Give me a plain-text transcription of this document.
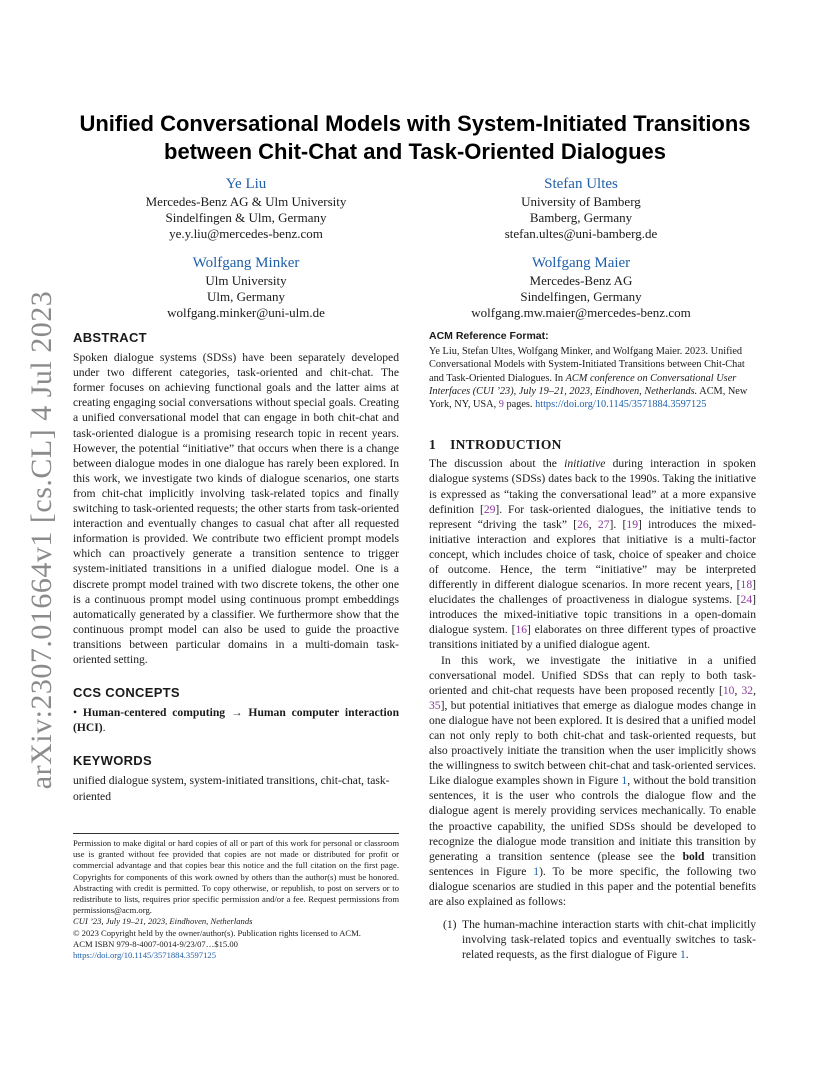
arXiv:2307.01664v1 [cs.CL] 4 Jul 2023
Unified Conversational Models with System-Initiated Transitions
between Chit-Chat and Task-Oriented Dialogues
Ye Liu
Mercedes-Benz AG & Ulm University
Sindelfingen & Ulm, Germany
ye.y.liu@mercedes-benz.com
Stefan Ultes
University of Bamberg
Bamberg, Germany
stefan.ultes@uni-bamberg.de
Wolfgang Minker
Ulm University
Ulm, Germany
wolfgang.minker@uni-ulm.de
Wolfgang Maier
Mercedes-Benz AG
Sindelfingen, Germany
wolfgang.mw.maier@mercedes-benz.com
ABSTRACT

Spoken dialogue systems (SDSs) have been separately developed under two different categories, task-oriented and chit-chat. The former focuses on achieving functional goals and the latter aims at creating engaging social conversations without special goals. Creating a unified conversational model that can engage in both chit-chat and task-oriented dialogue is a promising research topic in recent years. However, the potential “initiative” that occurs when there is a change between dialogue modes in one dialogue has rarely been explored. In this work, we investigate two kinds of dialogue scenarios, one starts from chit-chat implicitly involving task-related topics and finally switching to task-oriented requests; the other starts from task-oriented interaction and eventually changes to casual chat after all requested information is provided. We contribute two efficient prompt models which can proactively generate a transition sentence to trigger system-initiated transitions in a unified dialogue model. One is a discrete prompt model trained with two discrete tokens, the other one is a continuous prompt model using continuous prompt embeddings automatically generated by a classifier. We furthermore show that the continuous prompt model can also be used to guide the proactive transitions between particular domains in a multi-domain task-oriented setting.

CCS CONCEPTS

• Human-centered computing → Human computer interaction (HCI).

KEYWORDS

unified dialogue system, system-initiated transitions, chit-chat, task-oriented

Permission to make digital or hard copies of all or part of this work for personal or classroom use is granted without fee provided that copies are not made or distributed for profit or commercial advantage and that copies bear this notice and the full citation on the first page. Copyrights for components of this work owned by others than the author(s) must be honored. Abstracting with credit is permitted. To copy otherwise, or republish, to post on servers or to redistribute to lists, requires prior specific permission and/or a fee. Request permissions from permissions@acm.org.
CUI ’23, July 19–21, 2023, Eindhoven, Netherlands
© 2023 Copyright held by the owner/author(s). Publication rights licensed to ACM.
ACM ISBN 979-8-4007-0014-9/23/07…$15.00
https://doi.org/10.1145/3571884.3597125
ACM Reference Format:
Ye Liu, Stefan Ultes, Wolfgang Minker, and Wolfgang Maier. 2023. Unified Conversational Models with System-Initiated Transitions between Chit-Chat and Task-Oriented Dialogues. In ACM conference on Conversational User Interfaces (CUI ’23), July 19–21, 2023, Eindhoven, Netherlands. ACM, New York, NY, USA, 9 pages. https://doi.org/10.1145/3571884.3597125
1 INTRODUCTION

The discussion about the initiative during interaction in spoken dialogue systems (SDSs) dates back to the 1990s. Taking the initiative is expressed as “taking the conversational lead” at a more expansive definition [29]. For task-oriented dialogues, the initiative tends to represent “driving the task” [26, 27]. [19] introduces the mixed-initiative interaction and explores that initiative is a multi-factor concept, which includes choice of task, choice of speaker and choice of outcome. Hence, the term “initiative” may be interpreted differently in different dialogue scenarios. In more recent years, [18] elucidates the challenges of proactiveness in dialogue systems. [24] introduces the mixed-initiative topic transitions in a open-domain dialogue system. [16] elaborates on three different types of proactive transitions initiated by a unified dialogue agent.

In this work, we investigate the initiative in a unified conversational model. Unified SDSs that can reply to both task-oriented and chit-chat requests have been proposed recently [10, 32, 35], but potential initiatives that emerge as dialogue modes change in one dialogue have not been explored. It is desired that a unified model can not only reply to both chit-chat and task-oriented requests, but also proactively initiate the transition when the user implicitly shows the willingness to switch between chit-chat and task-oriented services. Like dialogue examples shown in Figure 1, without the bold transition sentences, it is the user who controls the dialogue flow and the dialogue agent is merely providing services mechanically. To enable the proactive capability, the unified SDSs should be developed to recognize the dialogue mode transition and initiate this transition by generating a transition sentence (please see the bold transition sentences in Figure 1). To be more specific, the following two dialogue scenarios are studied in this paper and the potential benefits are also explained as follows:

(1) The human-machine interaction starts with chit-chat implicitly involving task-related topics and eventually switches to task-related requests, as the first dialogue of Figure 1.
